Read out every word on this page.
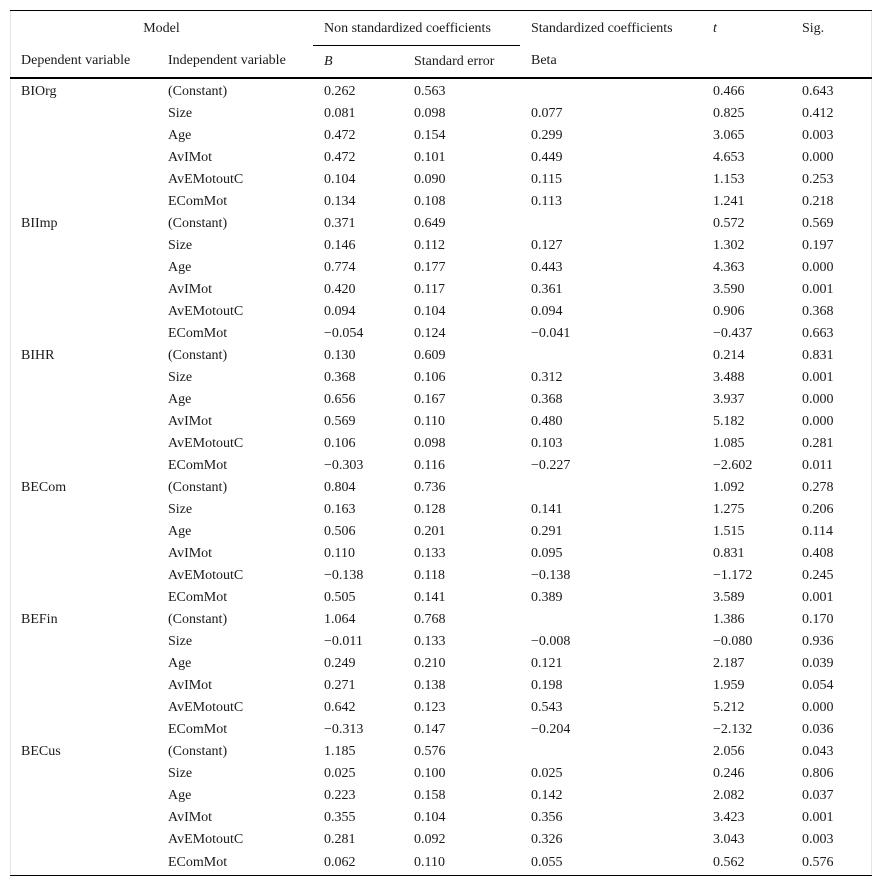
Model		Non standardized coefficients		Standardized coefficients	t	Sig.
Dependent variable	Independent variable	B	Standard error	Beta		
BIOrg	(Constant)	0.262	0.563		0.466	0.643
	Size	0.081	0.098	0.077	0.825	0.412
	Age	0.472	0.154	0.299	3.065	0.003
	AvIMot	0.472	0.101	0.449	4.653	0.000
	AvEMotoutC	0.104	0.090	0.115	1.153	0.253
	EComMot	0.134	0.108	0.113	1.241	0.218
BIImp	(Constant)	0.371	0.649		0.572	0.569
	Size	0.146	0.112	0.127	1.302	0.197
	Age	0.774	0.177	0.443	4.363	0.000
	AvIMot	0.420	0.117	0.361	3.590	0.001
	AvEMotoutC	0.094	0.104	0.094	0.906	0.368
	EComMot	−0.054	0.124	−0.041	−0.437	0.663
BIHR	(Constant)	0.130	0.609		0.214	0.831
	Size	0.368	0.106	0.312	3.488	0.001
	Age	0.656	0.167	0.368	3.937	0.000
	AvIMot	0.569	0.110	0.480	5.182	0.000
	AvEMotoutC	0.106	0.098	0.103	1.085	0.281
	EComMot	−0.303	0.116	−0.227	−2.602	0.011
BECom	(Constant)	0.804	0.736		1.092	0.278
	Size	0.163	0.128	0.141	1.275	0.206
	Age	0.506	0.201	0.291	1.515	0.114
	AvIMot	0.110	0.133	0.095	0.831	0.408
	AvEMotoutC	−0.138	0.118	−0.138	−1.172	0.245
	EComMot	0.505	0.141	0.389	3.589	0.001
BEFin	(Constant)	1.064	0.768		1.386	0.170
	Size	−0.011	0.133	−0.008	−0.080	0.936
	Age	0.249	0.210	0.121	2.187	0.039
	AvIMot	0.271	0.138	0.198	1.959	0.054
	AvEMotoutC	0.642	0.123	0.543	5.212	0.000
	EComMot	−0.313	0.147	−0.204	−2.132	0.036
BECus	(Constant)	1.185	0.576		2.056	0.043
	Size	0.025	0.100	0.025	0.246	0.806
	Age	0.223	0.158	0.142	2.082	0.037
	AvIMot	0.355	0.104	0.356	3.423	0.001
	AvEMotoutC	0.281	0.092	0.326	3.043	0.003
	EComMot	0.062	0.110	0.055	0.562	0.576
